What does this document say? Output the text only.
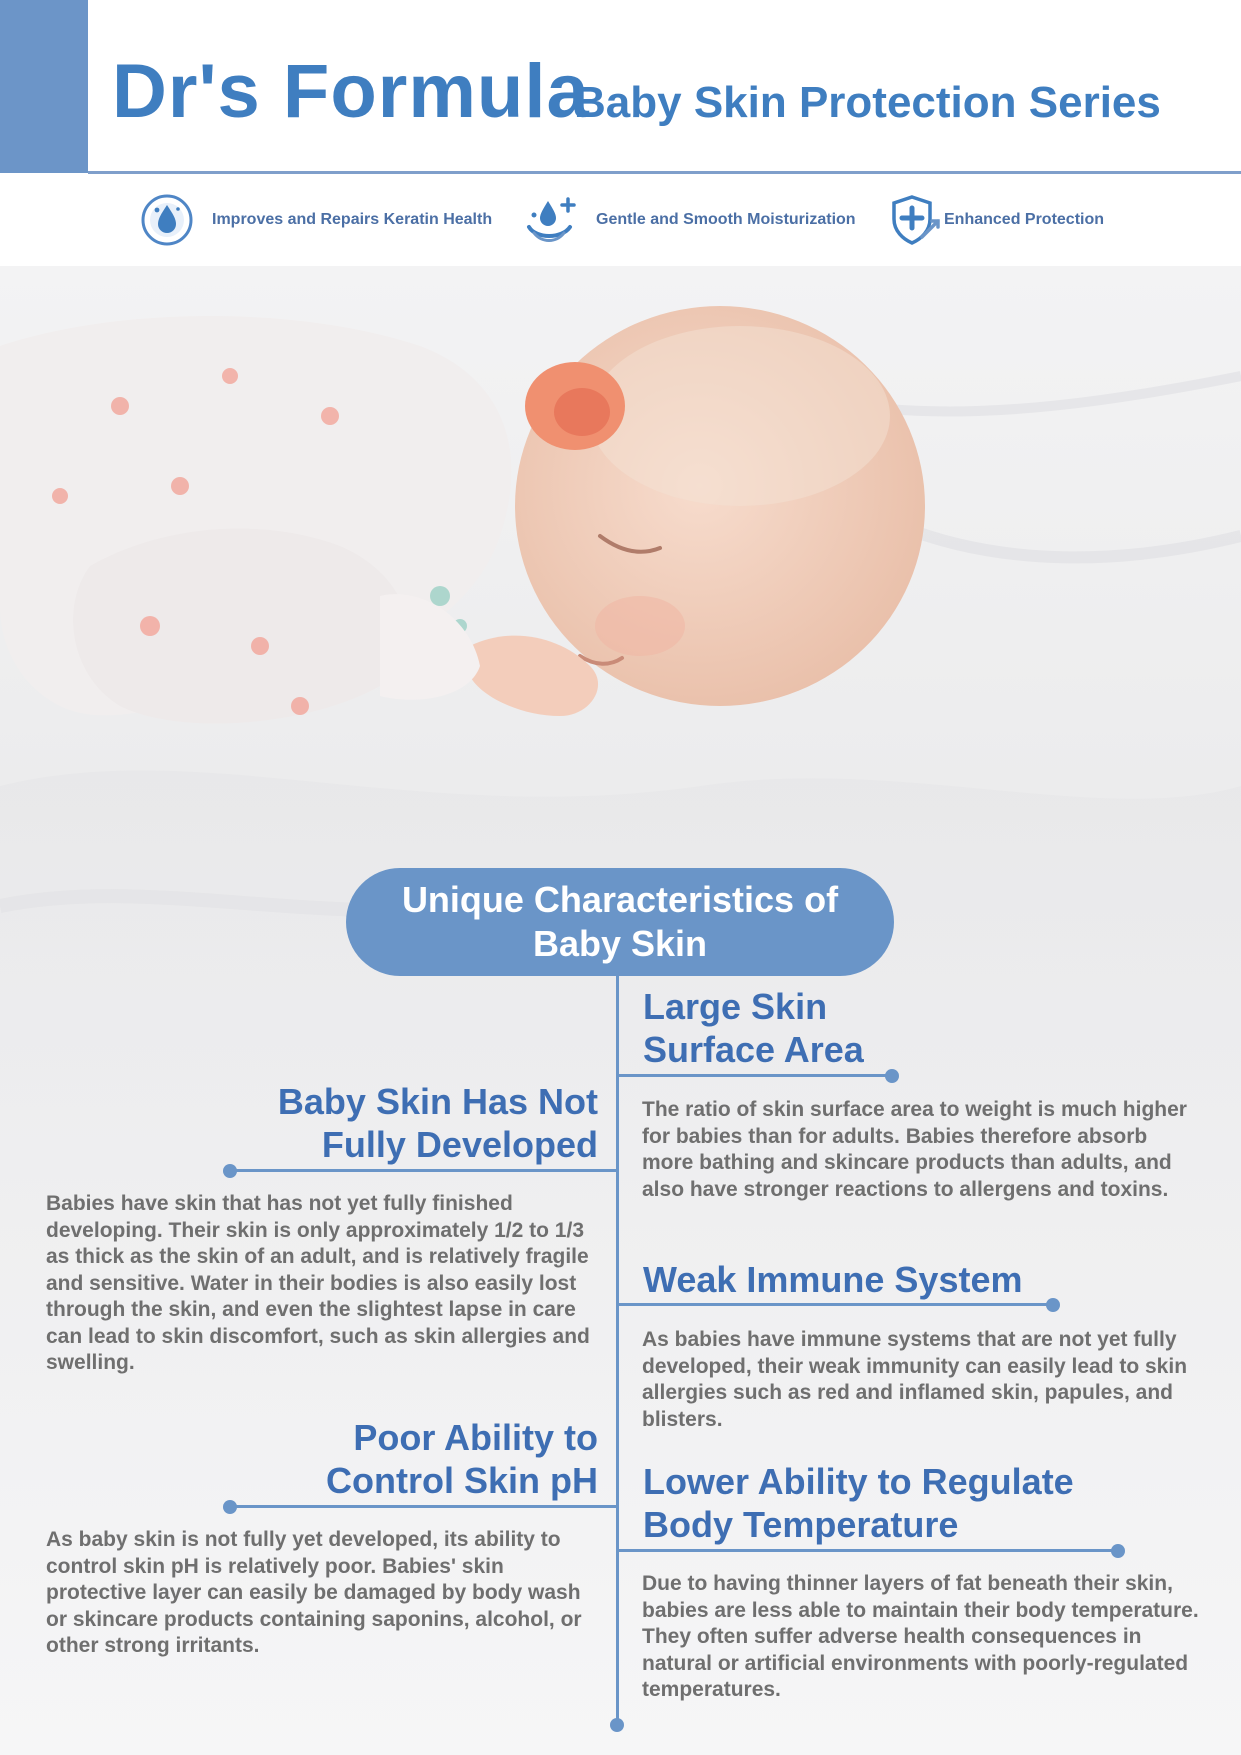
Dr's Formula
Baby Skin Protection Series
Improves and Repairs Keratin Health	Gentle and Smooth Moisturization	Enhanced Protection
Unique Characteristics of
Baby Skin
Large Skin
Surface Area
The ratio of skin surface area to weight is much higher for babies than for adults. Babies therefore absorb more bathing and skincare products than adults, and also have stronger reactions to allergens and toxins.
Baby Skin Has Not
Fully Developed
Babies have skin that has not yet fully finished developing. Their skin is only approximately 1/2 to 1/3 as thick as the skin of an adult, and is relatively fragile and sensitive. Water in their bodies is also easily lost through the skin, and even the slightest lapse in care can lead to skin discomfort, such as skin allergies and swelling.
Weak Immune System
As babies have immune systems that are not yet fully developed, their weak immunity can easily lead to skin allergies such as red and inflamed skin, papules, and blisters.
Poor Ability to
Control Skin pH
As baby skin is not fully yet developed, its ability to control skin pH is relatively poor. Babies' skin protective layer can easily be damaged by body wash or skincare products containing saponins, alcohol, or other strong irritants.
Lower Ability to Regulate
Body Temperature
Due to having thinner layers of fat beneath their skin, babies are less able to maintain their body temperature. They often suffer adverse health consequences in natural or artificial environments with poorly-regulated temperatures.
